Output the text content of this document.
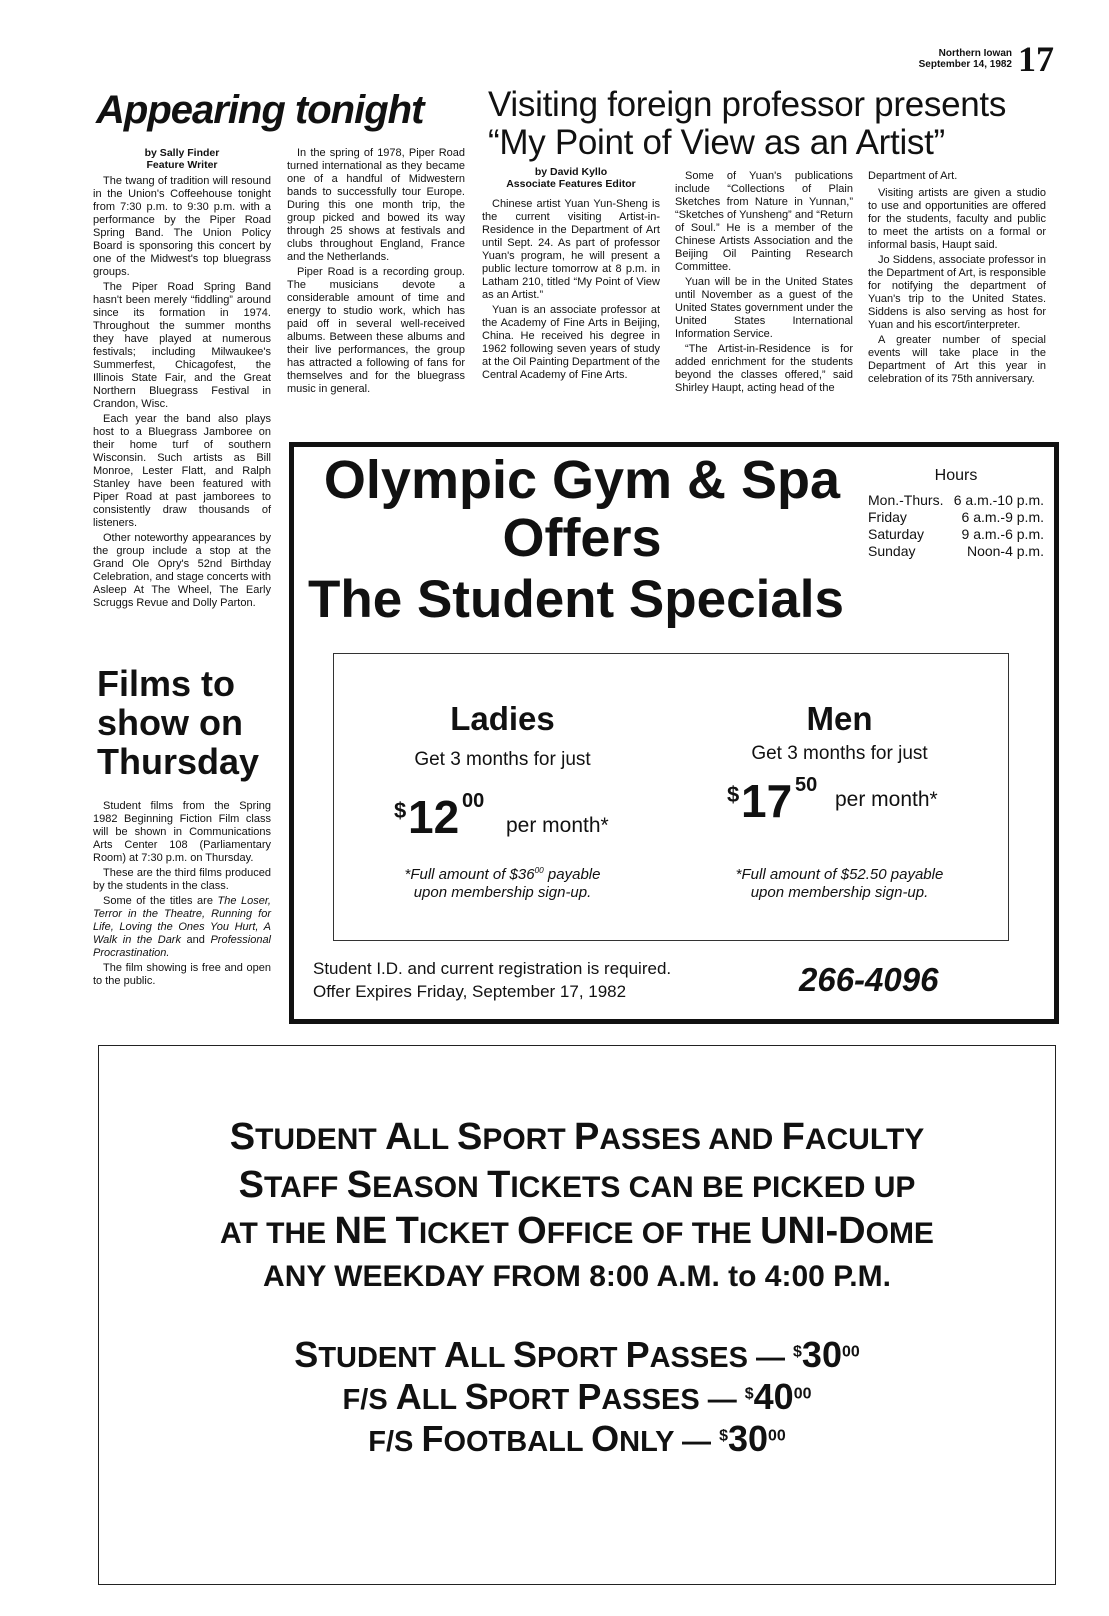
Northern Iowan
September 14, 1982 17
Appearing tonight
by Sally Finder
Feature Writer

The twang of tradition will resound in the Union's Coffeehouse tonight from 7:30 p.m. to 9:30 p.m. with a performance by the Piper Road Spring Band. The Union Policy Board is sponsoring this concert by one of the Midwest's top bluegrass groups.

The Piper Road Spring Band hasn't been merely “fiddling” around since its formation in 1974. Throughout the summer months they have played at numerous festivals; including Milwaukee's Summerfest, Chicagofest, the Illinois State Fair, and the Great Northern Bluegrass Festival in Crandon, Wisc.

Each year the band also plays host to a Bluegrass Jamboree on their home turf of southern Wisconsin. Such artists as Bill Monroe, Lester Flatt, and Ralph Stanley have been featured with Piper Road at past jamborees to consistently draw thousands of listeners.

Other noteworthy appearances by the group include a stop at the Grand Ole Opry's 52nd Birthday Celebration, and stage concerts with Asleep At The Wheel, The Early Scruggs Revue and Dolly Parton.

In the spring of 1978, Piper Road turned international as they became one of a handful of Midwestern bands to successfully tour Europe. During this one month trip, the group picked and bowed its way through 25 shows at festivals and clubs throughout England, France and the Netherlands.

Piper Road is a recording group. The musicians devote a considerable amount of time and energy to studio work, which has paid off in several well-received albums. Between these albums and their live performances, the group has attracted a following of fans for themselves and for the bluegrass music in general.

Visiting foreign professor presents “My Point of View as an Artist”
by David Kyllo
Associate Features Editor

Chinese artist Yuan Yun-Sheng is the current visiting Artist-in-Residence in the Department of Art until Sept. 24. As part of professor Yuan's program, he will present a public lecture tomorrow at 8 p.m. in Latham 210, titled “My Point of View as an Artist.”

Yuan is an associate professor at the Academy of Fine Arts in Beijing, China. He received his degree in 1962 following seven years of study at the Oil Painting Department of the Central Academy of Fine Arts.

Some of Yuan's publications include “Collections of Plain Sketches from Nature in Yunnan,” “Sketches of Yunsheng” and “Return of Soul.” He is a member of the Chinese Artists Association and the Beijing Oil Painting Research Committee.

Yuan will be in the United States until November as a guest of the United States government under the United States International Information Service.

“The Artist-in-Residence is for added enrichment for the students beyond the classes offered,” said Shirley Haupt, acting head of the

Department of Art.

Visiting artists are given a studio to use and opportunities are offered for the students, faculty and public to meet the artists on a formal or informal basis, Haupt said.

Jo Siddens, associate professor in the Department of Art, is responsible for notifying the department of Yuan's trip to the United States. Siddens is also serving as host for Yuan and his escort/interpreter.

A greater number of special events will take place in the Department of Art this year in celebration of its 75th anniversary.

Films to
show on
Thursday

Student films from the Spring 1982 Beginning Fiction Film class will be shown in Communications Arts Center 108 (Parliamentary Room) at 7:30 p.m. on Thursday.

These are the third films produced by the students in the class.

Some of the titles are The Loser, Terror in the Theatre, Running for Life, Loving the Ones You Hurt, A Walk in the Dark and Professional Procrastination.

The film showing is free and open to the public.

Olympic Gym & Spa
Offers
The Student Specials
Hours
Mon.-Thurs. 6 a.m.-10 p.m.
Friday	6 a.m.-9 p.m.
Saturday	9 a.m.-6 p.m.
Sunday	Noon-4 p.m.
Ladies
Get 3 months for just
$ 12 00
per month*
*Full amount of $\$36^{00}$ payable
upon membership sign-up.
Men
Get 3 months for just
$ 17 50
per month*
*Full amount of $52.50 payable
upon membership sign-up.
Student I.D. and current registration is required.
Offer Expires Friday, September 17, 1982	266-4096
STUDENT ALL SPORT PASSES AND FACULTY
STAFF SEASON TICKETS CAN BE PICKED UP
AT THE NE TICKET OFFICE OF THE UNI-DOME
ANY WEEKDAY FROM 8:00 A.M. to 4:00 P.M.
STUDENT ALL SPORT PASSES — $^{\$}30^{00}$
F/S ALL SPORT PASSES — $^{\$}40^{00}$
F/S FOOTBALL ONLY — $^{\$}30^{00}$
